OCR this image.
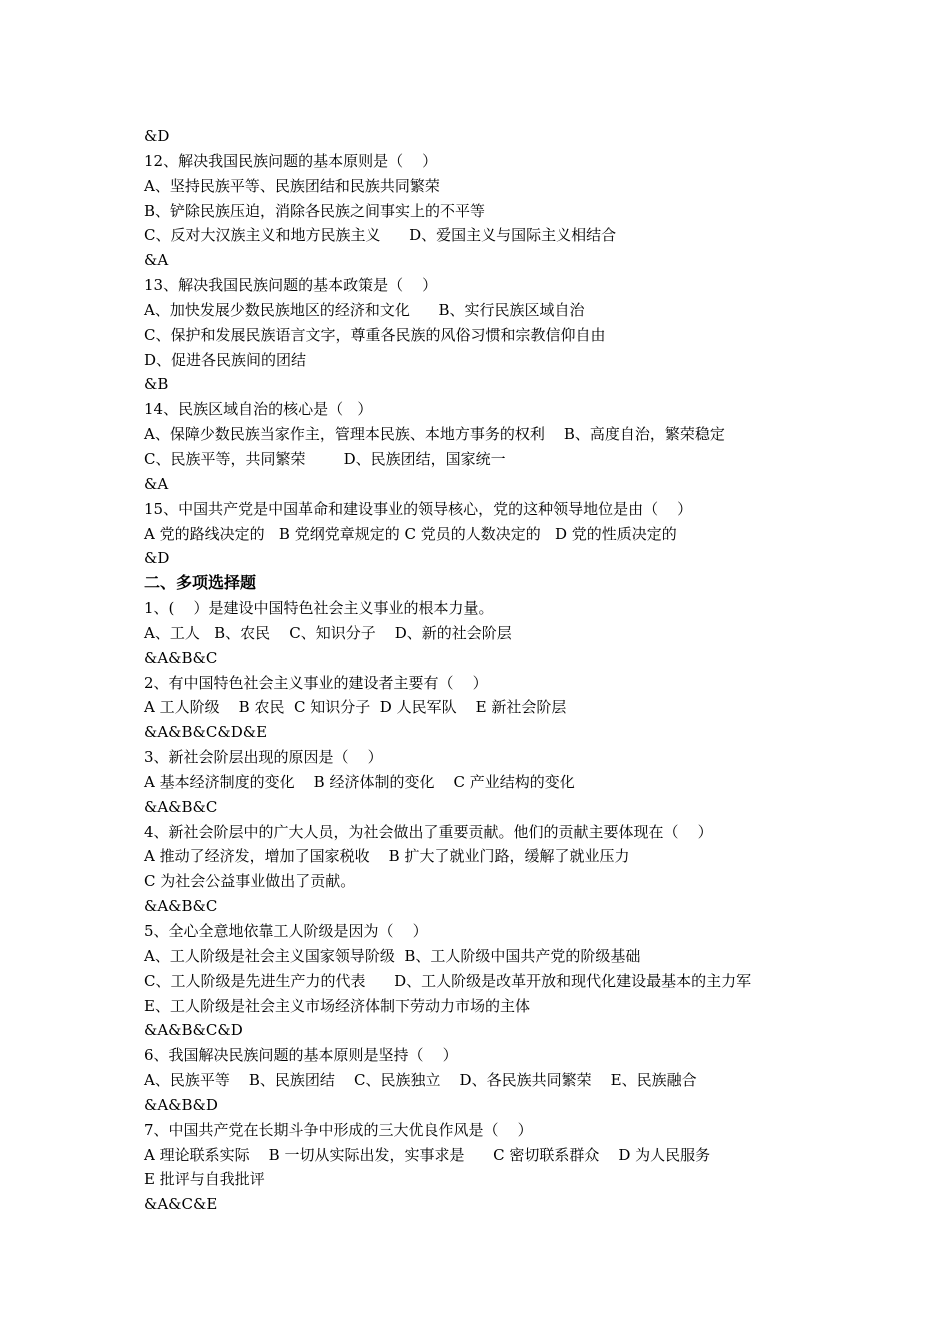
&D
12、解决我国民族问题的基本原则是（    ）
A、坚持民族平等、民族团结和民族共同繁荣
B、铲除民族压迫，消除各民族之间事实上的不平等
C、反对大汉族主义和地方民族主义      D、爱国主义与国际主义相结合
&A
13、解决我国民族问题的基本政策是（    ）
A、加快发展少数民族地区的经济和文化      B、实行民族区域自治
C、保护和发展民族语言文字，尊重各民族的风俗习惯和宗教信仰自由
D、促进各民族间的团结
&B
14、民族区域自治的核心是（   ）
A、保障少数民族当家作主，管理本民族、本地方事务的权利    B、高度自治，繁荣稳定
C、民族平等，共同繁荣        D、民族团结，国家统一
&A
15、中国共产党是中国革命和建设事业的领导核心，党的这种领导地位是由（    ）
A 党的路线决定的   B 党纲党章规定的 C 党员的人数决定的   D 党的性质决定的
&D
二、多项选择题
1、(    ）是建设中国特色社会主义事业的根本力量。
A、工人   B、农民    C、知识分子    D、新的社会阶层
&A&B&C
2、有中国特色社会主义事业的建设者主要有（    ）
A 工人阶级    B 农民  C 知识分子  D 人民军队    E 新社会阶层
&A&B&C&D&E
3、新社会阶层出现的原因是（    ）
A 基本经济制度的变化    B 经济体制的变化    C 产业结构的变化
&A&B&C
4、新社会阶层中的广大人员，为社会做出了重要贡献。他们的贡献主要体现在（    ）
A 推动了经济发，增加了国家税收    B 扩大了就业门路，缓解了就业压力
C 为社会公益事业做出了贡献。
&A&B&C
5、全心全意地依靠工人阶级是因为（    ）
A、工人阶级是社会主义国家领导阶级  B、工人阶级中国共产党的阶级基础
C、工人阶级是先进生产力的代表      D、工人阶级是改革开放和现代化建设最基本的主力军
E、工人阶级是社会主义市场经济体制下劳动力市场的主体
&A&B&C&D
6、我国解决民族问题的基本原则是坚持（    ）
A、民族平等    B、民族团结    C、民族独立    D、各民族共同繁荣    E、民族融合
&A&B&D
7、中国共产党在长期斗争中形成的三大优良作风是（    ）
A 理论联系实际    B 一切从实际出发，实事求是      C 密切联系群众    D 为人民服务
E 批评与自我批评
&A&C&E
